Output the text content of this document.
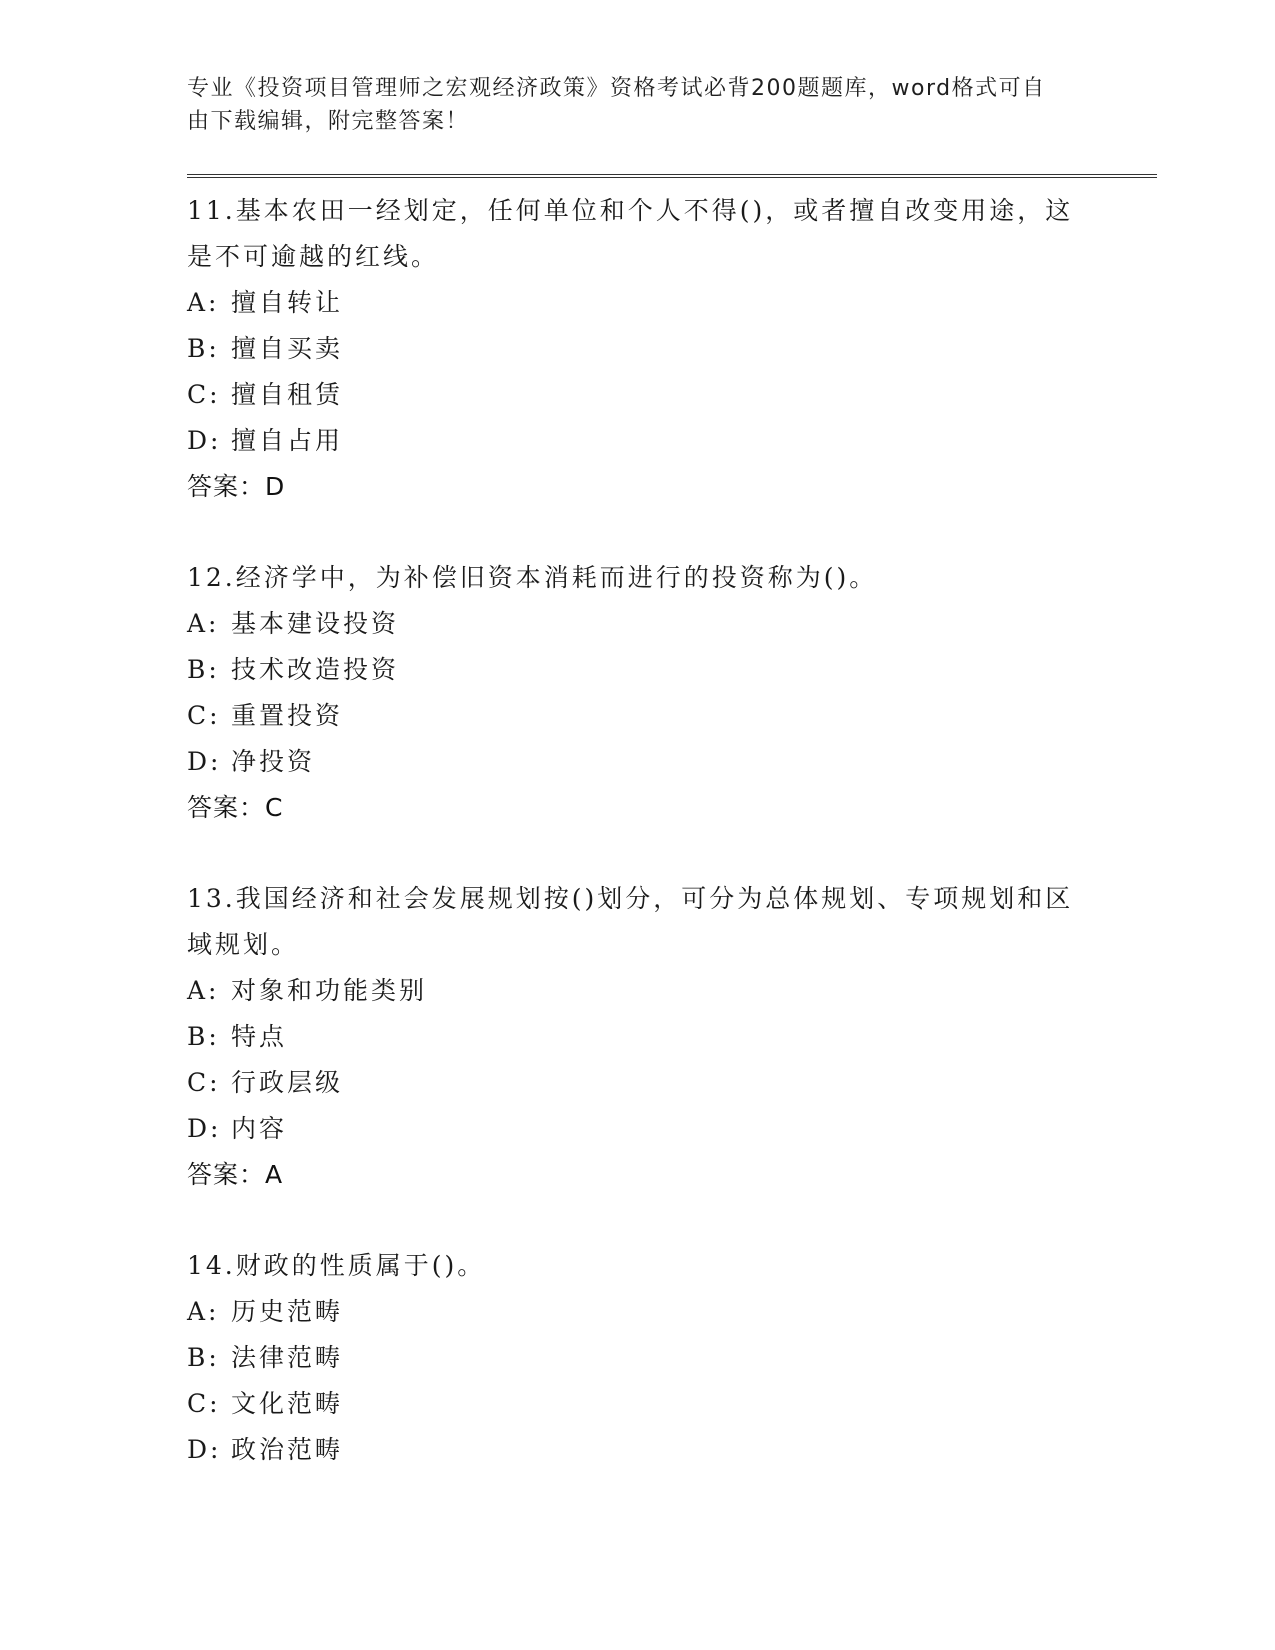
专业《投资项目管理师之宏观经济政策》资格考试必背200题题库，word格式可自由下载编辑，附完整答案！
11.基本农田一经划定，任何单位和个人不得()，或者擅自改变用途，这是不可逾越的红线。
A: 擅自转让
B: 擅自买卖
C: 擅自租赁
D: 擅自占用
答案：D
12.经济学中，为补偿旧资本消耗而进行的投资称为()。
A: 基本建设投资
B: 技术改造投资
C: 重置投资
D: 净投资
答案：C
13.我国经济和社会发展规划按()划分，可分为总体规划、专项规划和区域规划。
A: 对象和功能类别
B: 特点
C: 行政层级
D: 内容
答案：A
14.财政的性质属于()。
A: 历史范畴
B: 法律范畴
C: 文化范畴
D: 政治范畴
